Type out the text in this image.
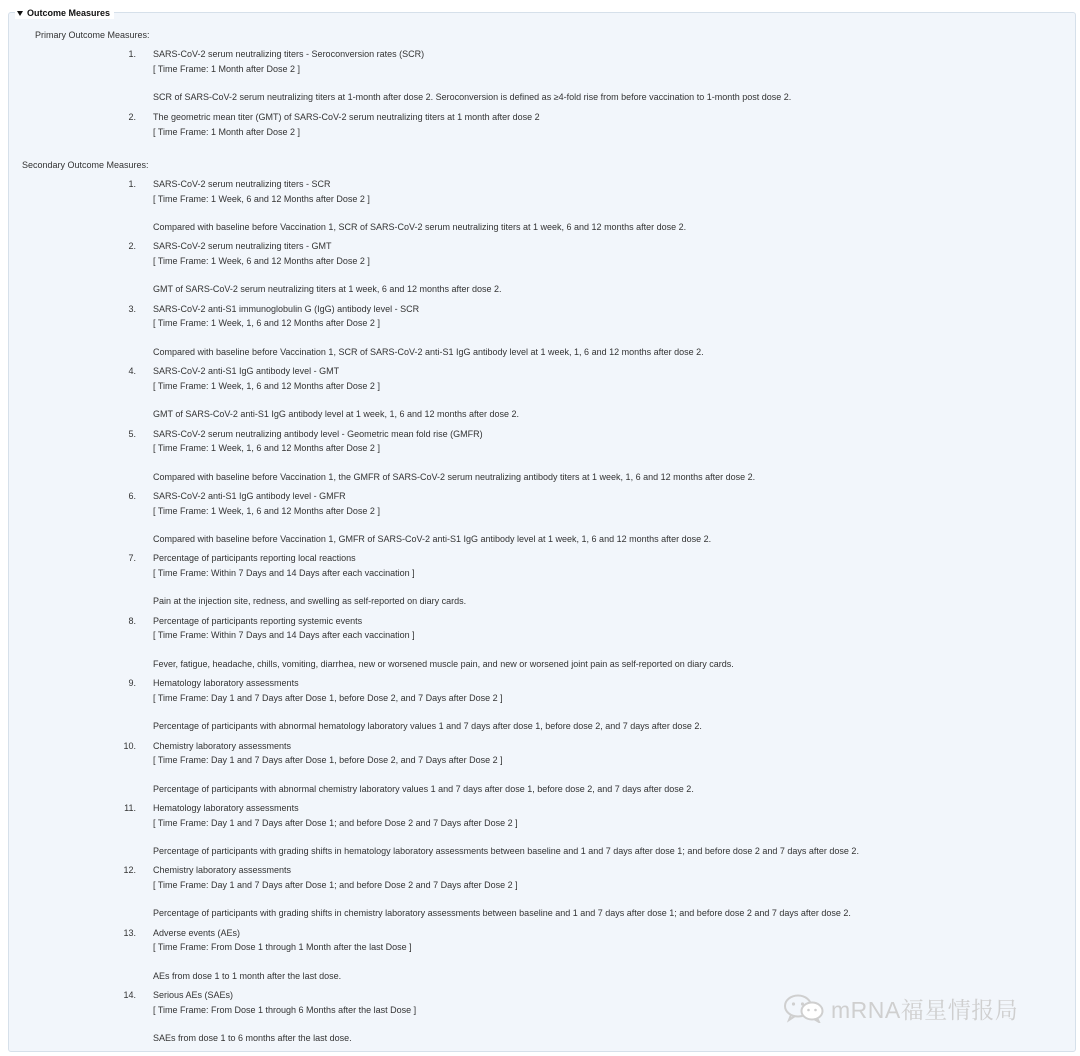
Outcome Measures
Primary Outcome Measures:
Secondary Outcome Measures:
1. SARS-CoV-2 serum neutralizing titers - Seroconversion rates (SCR)
[ Time Frame: 1 Month after Dose 2 ]
SCR of SARS-CoV-2 serum neutralizing titers at 1-month after dose 2. Seroconversion is defined as ≥4-fold rise from before vaccination to 1-month post dose 2.
2. The geometric mean titer (GMT) of SARS-CoV-2 serum neutralizing titers at 1 month after dose 2
[ Time Frame: 1 Month after Dose 2 ]
1. SARS-CoV-2 serum neutralizing titers - SCR
[ Time Frame: 1 Week, 6 and 12 Months after Dose 2 ]
Compared with baseline before Vaccination 1, SCR of SARS-CoV-2 serum neutralizing titers at 1 week, 6 and 12 months after dose 2.
2. SARS-CoV-2 serum neutralizing titers - GMT
[ Time Frame: 1 Week, 6 and 12 Months after Dose 2 ]
GMT of SARS-CoV-2 serum neutralizing titers at 1 week, 6 and 12 months after dose 2.
3. SARS-CoV-2 anti-S1 immunoglobulin G (IgG) antibody level - SCR
[ Time Frame: 1 Week, 1, 6 and 12 Months after Dose 2 ]
Compared with baseline before Vaccination 1, SCR of SARS-CoV-2 anti-S1 IgG antibody level at 1 week, 1, 6 and 12 months after dose 2.
4. SARS-CoV-2 anti-S1 IgG antibody level - GMT
[ Time Frame: 1 Week, 1, 6 and 12 Months after Dose 2 ]
GMT of SARS-CoV-2 anti-S1 IgG antibody level at 1 week, 1, 6 and 12 months after dose 2.
5. SARS-CoV-2 serum neutralizing antibody level - Geometric mean fold rise (GMFR)
[ Time Frame: 1 Week, 1, 6 and 12 Months after Dose 2 ]
Compared with baseline before Vaccination 1, the GMFR of SARS-CoV-2 serum neutralizing antibody titers at 1 week, 1, 6 and 12 months after dose 2.
6. SARS-CoV-2 anti-S1 IgG antibody level - GMFR
[ Time Frame: 1 Week, 1, 6 and 12 Months after Dose 2 ]
Compared with baseline before Vaccination 1, GMFR of SARS-CoV-2 anti-S1 IgG antibody level at 1 week, 1, 6 and 12 months after dose 2.
7. Percentage of participants reporting local reactions
[ Time Frame: Within 7 Days and 14 Days after each vaccination ]
Pain at the injection site, redness, and swelling as self-reported on diary cards.
8. Percentage of participants reporting systemic events
[ Time Frame: Within 7 Days and 14 Days after each vaccination ]
Fever, fatigue, headache, chills, vomiting, diarrhea, new or worsened muscle pain, and new or worsened joint pain as self-reported on diary cards.
9. Hematology laboratory assessments
[ Time Frame: Day 1 and 7 Days after Dose 1, before Dose 2, and 7 Days after Dose 2 ]
Percentage of participants with abnormal hematology laboratory values 1 and 7 days after dose 1, before dose 2, and 7 days after dose 2.
10. Chemistry laboratory assessments
[ Time Frame: Day 1 and 7 Days after Dose 1, before Dose 2, and 7 Days after Dose 2 ]
Percentage of participants with abnormal chemistry laboratory values 1 and 7 days after dose 1, before dose 2, and 7 days after dose 2.
11. Hematology laboratory assessments
[ Time Frame: Day 1 and 7 Days after Dose 1; and before Dose 2 and 7 Days after Dose 2 ]
Percentage of participants with grading shifts in hematology laboratory assessments between baseline and 1 and 7 days after dose 1; and before dose 2 and 7 days after dose 2.
12. Chemistry laboratory assessments
[ Time Frame: Day 1 and 7 Days after Dose 1; and before Dose 2 and 7 Days after Dose 2 ]
Percentage of participants with grading shifts in chemistry laboratory assessments between baseline and 1 and 7 days after dose 1; and before dose 2 and 7 days after dose 2.
13. Adverse events (AEs)
[ Time Frame: From Dose 1 through 1 Month after the last Dose ]
AEs from dose 1 to 1 month after the last dose.
14. Serious AEs (SAEs)
[ Time Frame: From Dose 1 through 6 Months after the last Dose ]
SAEs from dose 1 to 6 months after the last dose.
mRNA福星情报局
